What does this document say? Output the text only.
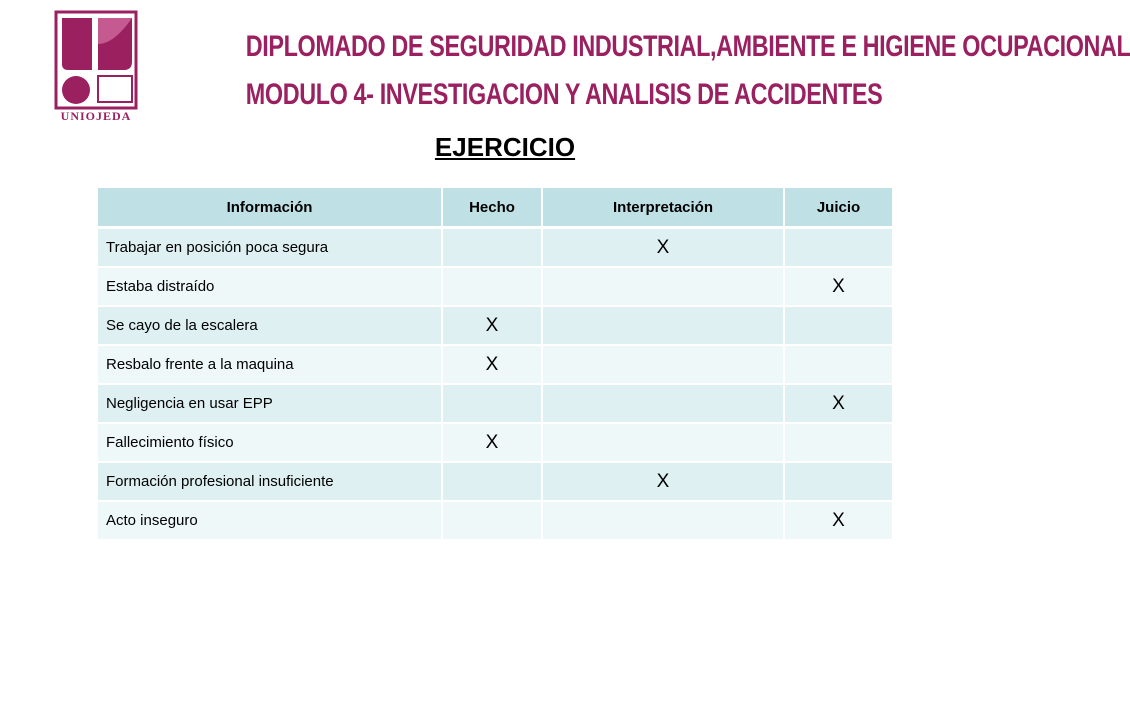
UNIOJEDA
DIPLOMADO DE SEGURIDAD INDUSTRIAL,AMBIENTE E HIGIENE OCUPACIONAL
MODULO 4- INVESTIGACION Y ANALISIS DE ACCIDENTES
EJERCICIO
Información	Hecho	Interpretación	Juicio
Trabajar en posición poca segura		X	
Estaba distraído			X
Se cayo de la escalera	X		
Resbalo frente a la maquina	X		
Negligencia en usar EPP			X
Fallecimiento físico	X		
Formación profesional insuficiente		X	
Acto inseguro			X
